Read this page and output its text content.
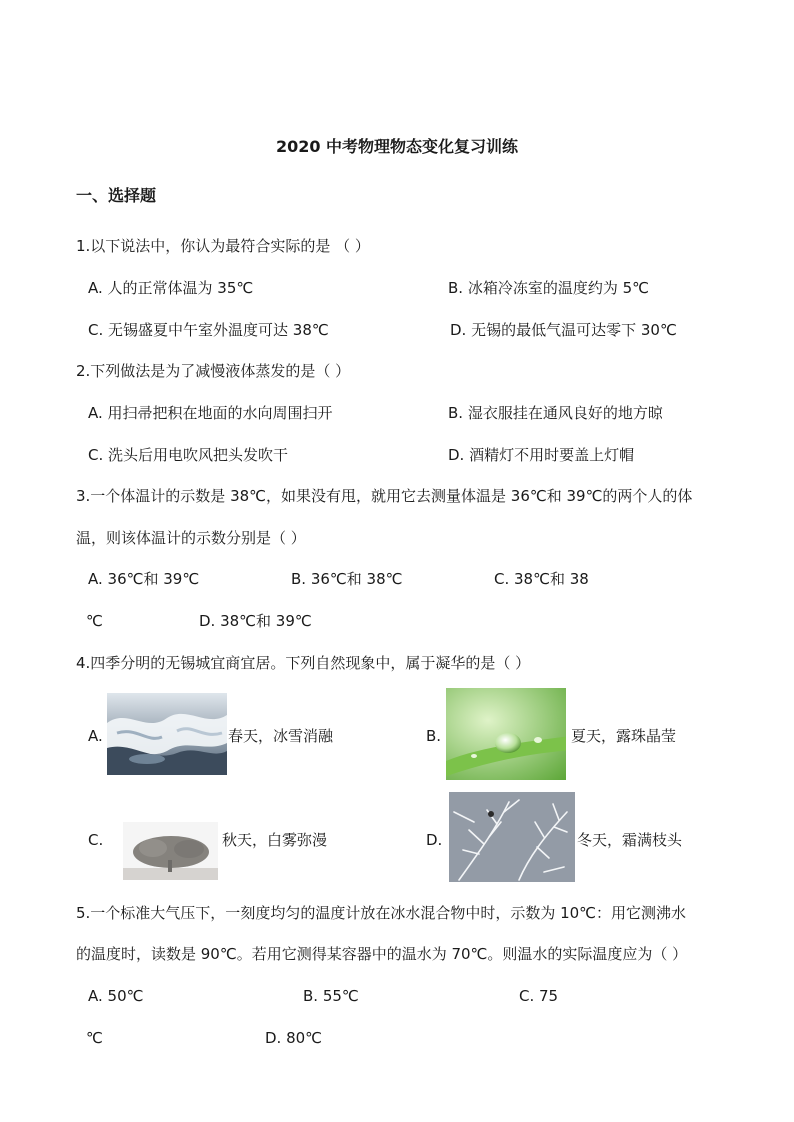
2020 中考物理物态变化复习训练
一、选择题
1.以下说法中，你认为最符合实际的是 （ ）
A. 人的正常体温为 35℃	B. 冰箱冷冻室的温度约为 5℃
C. 无锡盛夏中午室外温度可达 38℃	D. 无锡的最低气温可达零下 30℃
2.下列做法是为了减慢液体蒸发的是（ ）
A. 用扫帚把积在地面的水向周围扫开	B. 湿衣服挂在通风良好的地方晾
C. 洗头后用电吹风把头发吹干	D. 酒精灯不用时要盖上灯帽
3.一个体温计的示数是 38℃，如果没有甩，就用它去测量体温是 36℃和 39℃的两个人的体
温，则该体温计的示数分别是（ ）
A. 36℃和 39℃	B. 36℃和 38℃	C. 38℃和 38
℃	D. 38℃和 39℃
4.四季分明的无锡城宜商宜居。下列自然现象中，属于凝华的是（ ）
A.	春天，冰雪消融	B.	夏天，露珠晶莹
C.	秋天，白雾弥漫	D.	冬天，霜满枝头
5.一个标准大气压下，一刻度均匀的温度计放在冰水混合物中时，示数为 10℃：用它测沸水
的温度时，读数是 90℃。若用它测得某容器中的温水为 70℃。则温水的实际温度应为（ ）
A. 50℃	B. 55℃	C. 75
℃	D. 80℃
